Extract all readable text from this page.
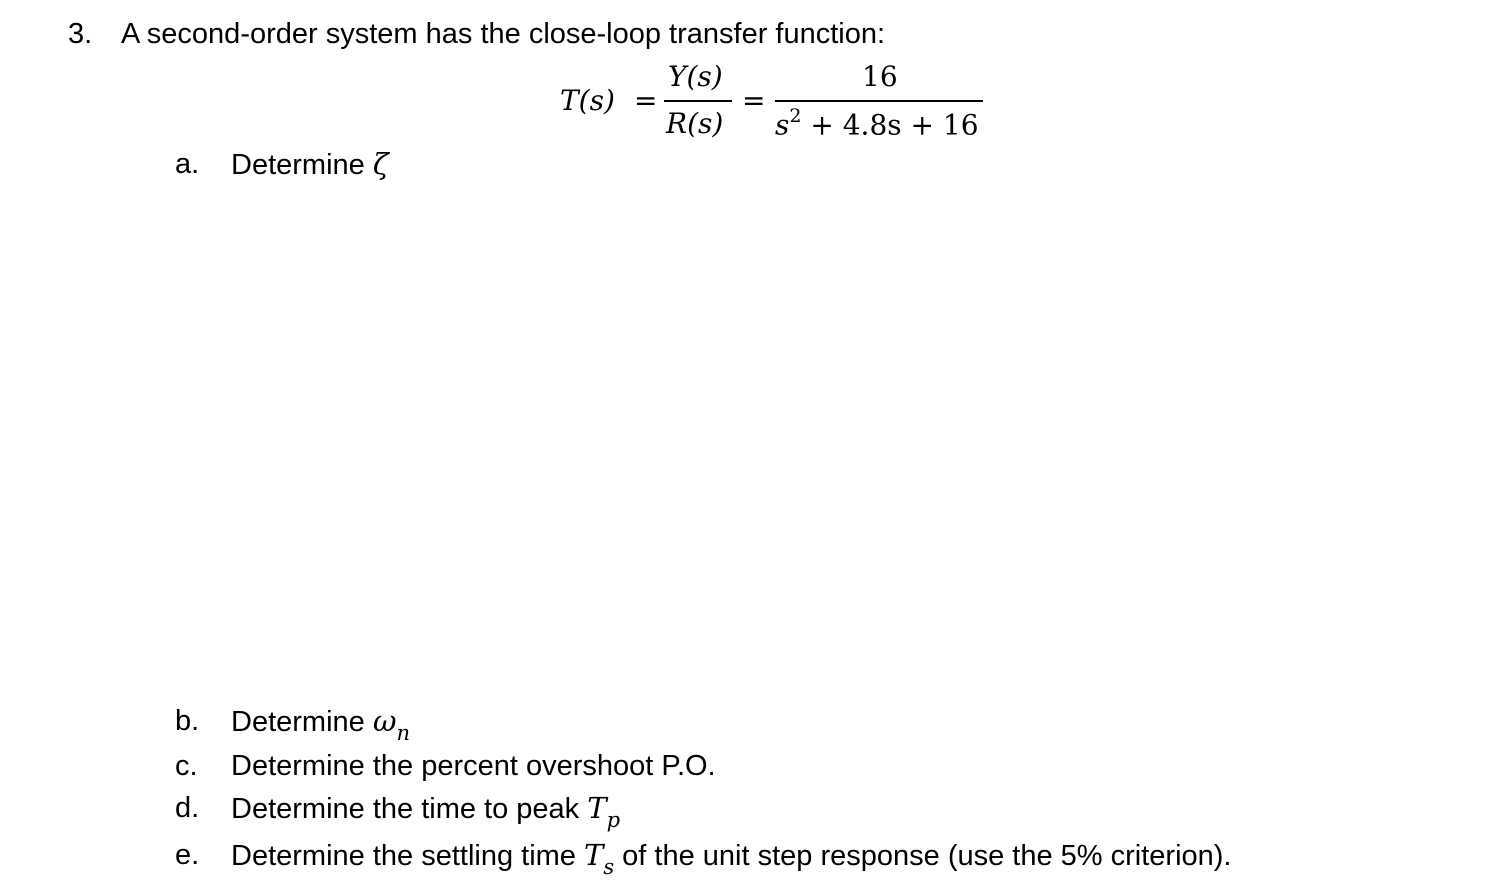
3. A second-order system has the close-loop transfer function:
T(s) =
Y(s)
R(s)
=
16
$s^2 + 4.8s + 16$
a. Determine ζ
b. Determine $\omega_n$
c. Determine the percent overshoot P.O.
d. Determine the time to peak $T_p$
e. Determine the settling time $T_s$ of the unit step response (use the 5% criterion).
